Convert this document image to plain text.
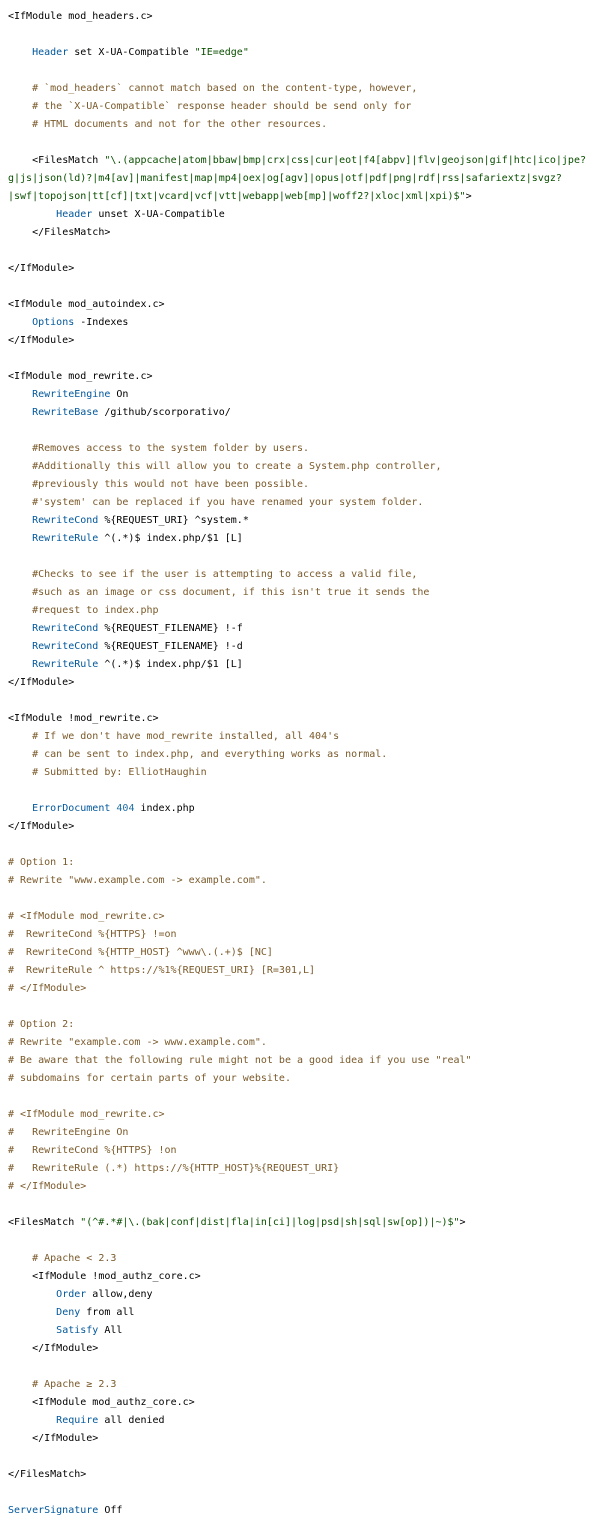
<IfModule mod_headers.c>

Header set X-UA-Compatible "IE=edge"

# `mod_headers` cannot match based on the content-type, however,
# the `X-UA-Compatible` response header should be send only for
# HTML documents and not for the other resources.

<FilesMatch "\.(appcache|atom|bbaw|bmp|crx|css|cur|eot|f4[abpv]|flv|geojson|gif|htc|ico|jpe?
g|js|json(ld)?|m4[av]|manifest|map|mp4|oex|og[agv]|opus|otf|pdf|png|rdf|rss|safariextz|svgz?
|swf|topojson|tt[cf]|txt|vcard|vcf|vtt|webapp|web[mp]|woff2?|xloc|xml|xpi)$">
Header unset X-UA-Compatible
</FilesMatch>

</IfModule>

<IfModule mod_autoindex.c>
Options -Indexes
</IfModule>

<IfModule mod_rewrite.c>
RewriteEngine On
RewriteBase /github/scorporativo/

#Removes access to the system folder by users.
#Additionally this will allow you to create a System.php controller,
#previously this would not have been possible.
#'system' can be replaced if you have renamed your system folder.
RewriteCond %{REQUEST_URI} ^system.*
RewriteRule ^(.*)$ index.php/$1 [L]

#Checks to see if the user is attempting to access a valid file,
#such as an image or css document, if this isn't true it sends the
#request to index.php
RewriteCond %{REQUEST_FILENAME} !-f
RewriteCond %{REQUEST_FILENAME} !-d
RewriteRule ^(.*)$ index.php/$1 [L]
</IfModule>

<IfModule !mod_rewrite.c>
# If we don't have mod_rewrite installed, all 404's
# can be sent to index.php, and everything works as normal.
# Submitted by: ElliotHaughin

ErrorDocument 404 index.php
</IfModule>

# Option 1:
# Rewrite "www.example.com -> example.com".

# <IfModule mod_rewrite.c>
#  RewriteCond %{HTTPS} !=on
#  RewriteCond %{HTTP_HOST} ^www\.(.+)$ [NC]
#  RewriteRule ^ https://%1%{REQUEST_URI} [R=301,L]
# </IfModule>

# Option 2:
# Rewrite "example.com -> www.example.com".
# Be aware that the following rule might not be a good idea if you use "real"
# subdomains for certain parts of your website.

# <IfModule mod_rewrite.c>
#   RewriteEngine On
#   RewriteCond %{HTTPS} !on
#   RewriteRule (.*) https://%{HTTP_HOST}%{REQUEST_URI}
# </IfModule>

<FilesMatch "(^#.*#|\.(bak|conf|dist|fla|in[ci]|log|psd|sh|sql|sw[op])|~)$">

# Apache < 2.3
<IfModule !mod_authz_core.c>
Order allow,deny
Deny from all
Satisfy All
</IfModule>

# Apache ≥ 2.3
<IfModule mod_authz_core.c>
Require all denied
</IfModule>

</FilesMatch>

ServerSignature Off
